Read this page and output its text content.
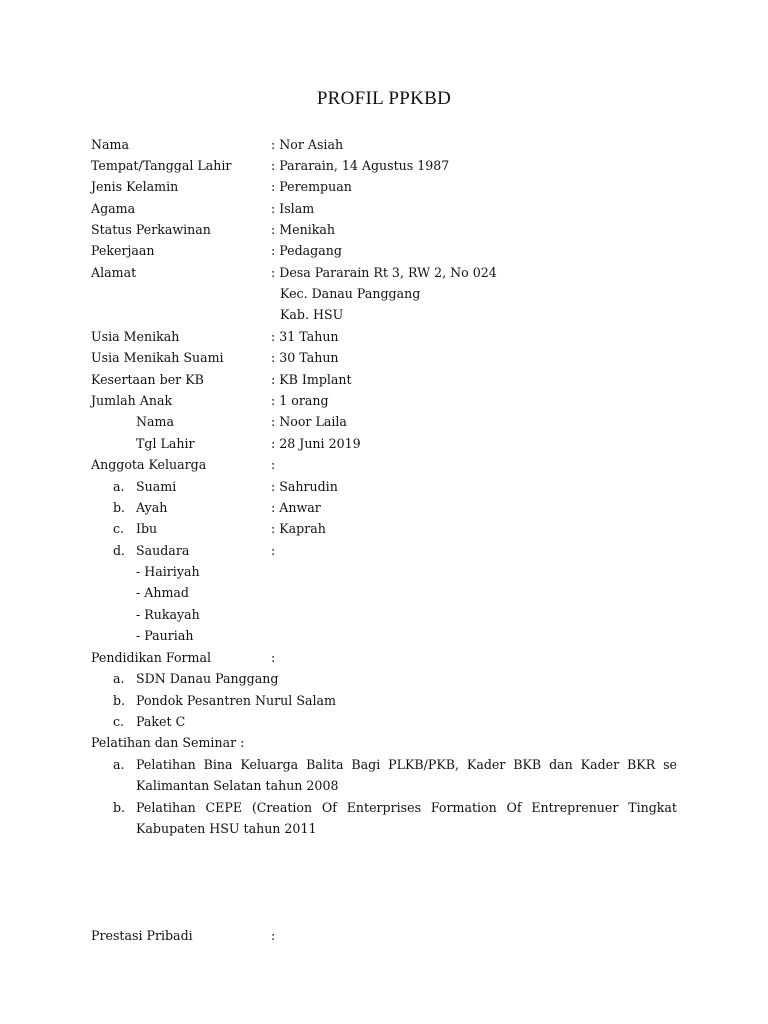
PROFIL PPKBD
Nama	: Nor Asiah
Tempat/Tanggal Lahir	: Pararain, 14 Agustus 1987
Jenis Kelamin	: Perempuan
Agama	: Islam
Status Perkawinan	: Menikah
Pekerjaan	: Pedagang
Alamat	: Desa Pararain Rt 3, RW 2, No 024
Kec. Danau Panggang
Kab. HSU
Usia Menikah	: 31 Tahun
Usia Menikah Suami	: 30 Tahun
Kesertaan ber KB	: KB Implant
Jumlah Anak	: 1 orang
Nama	: Noor Laila
Tgl Lahir	: 28 Juni 2019
Anggota Keluarga	:
a. Suami	: Sahrudin
b. Ayah	: Anwar
c. Ibu	: Kaprah
d. Saudara	:
- Hairiyah
- Ahmad
- Rukayah
- Pauriah
Pendidikan Formal	:
a. SDN Danau Panggang
b. Pondok Pesantren Nurul Salam
c. Paket C
Pelatihan dan Seminar :
a. Pelatihan Bina Keluarga Balita Bagi PLKB/PKB, Kader BKB dan Kader BKR se Kalimantan Selatan tahun 2008
b. Pelatihan CEPE (Creation Of Enterprises Formation Of Entreprenuer Tingkat Kabupaten HSU tahun 2011
Prestasi Pribadi	:
